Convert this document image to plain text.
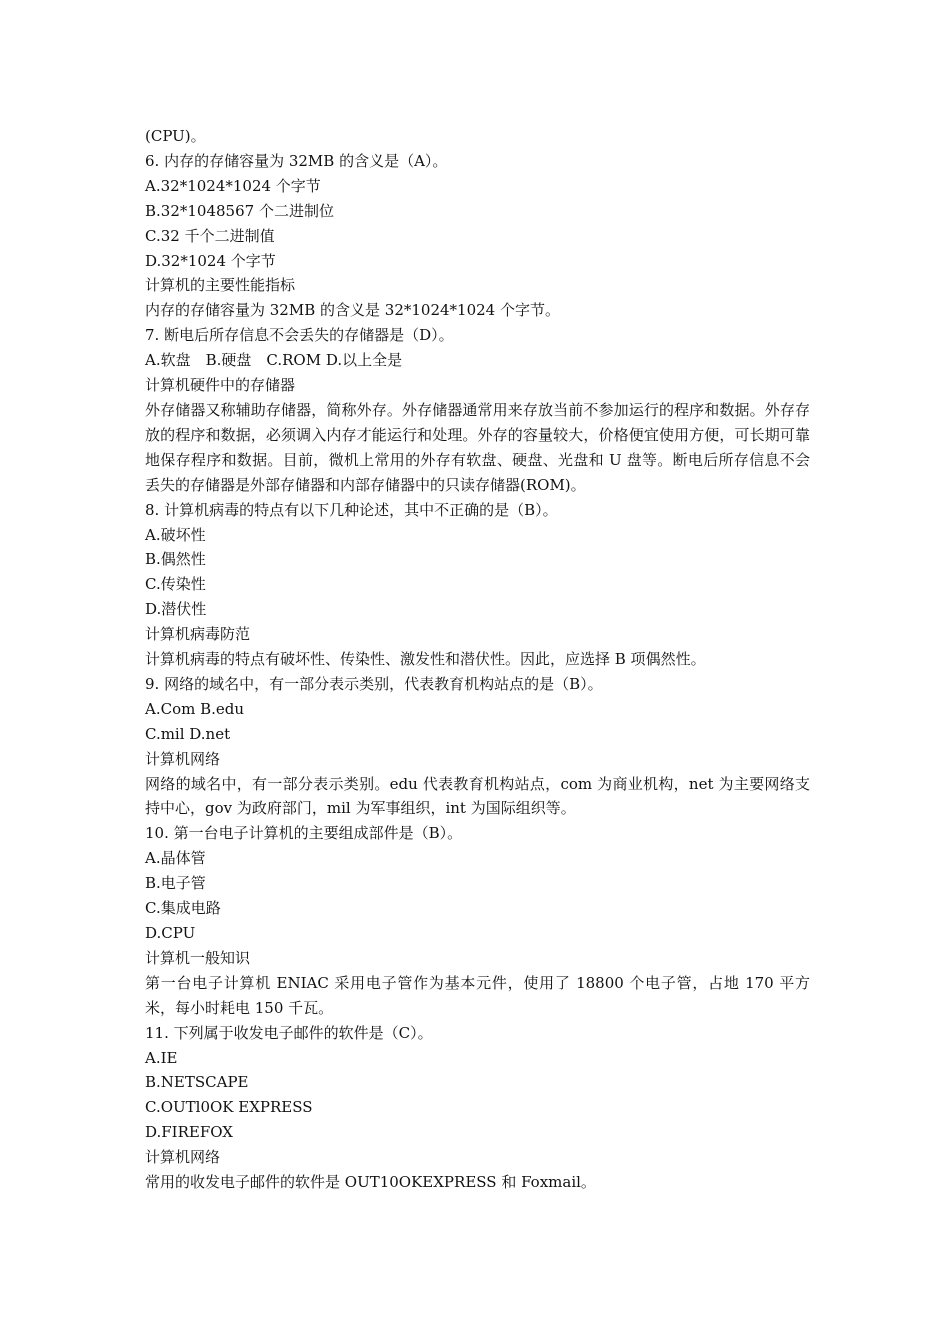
(CPU)。
6. 内存的存储容量为 32MB 的含义是（A）。
A.32*1024*1024 个字节
B.32*1048567 个二进制位
C.32 千个二进制值
D.32*1024 个字节
计算机的主要性能指标
内存的存储容量为 32MB 的含义是 32*1024*1024 个字节。
7. 断电后所存信息不会丢失的存储器是（D）。
A.软盘　B.硬盘　C.ROM D.以上全是
计算机硬件中的存储器
外存储器又称辅助存储器，简称外存。外存储器通常用来存放当前不参加运行的程序和数据。外存存放的程序和数据，必须调入内存才能运行和处理。外存的容量较大，价格便宜使用方便，可长期可靠地保存程序和数据。目前，微机上常用的外存有软盘、硬盘、光盘和 U 盘等。断电后所存信息不会丢失的存储器是外部存储器和内部存储器中的只读存储器(ROM)。
8. 计算机病毒的特点有以下几种论述，其中不正确的是（B）。
A.破坏性
B.偶然性
C.传染性
D.潜伏性
计算机病毒防范
计算机病毒的特点有破坏性、传染性、激发性和潜伏性。因此，应选择 B 项偶然性。
9. 网络的域名中，有一部分表示类别，代表教育机构站点的是（B）。
A.Com B.edu
C.mil D.net
计算机网络
网络的域名中，有一部分表示类别。edu 代表教育机构站点，com 为商业机构，net 为主要网络支持中心，gov 为政府部门，mil 为军事组织，int 为国际组织等。
10. 第一台电子计算机的主要组成部件是（B）。
A.晶体管
B.电子管
C.集成电路
D.CPU
计算机一般知识
第一台电子计算机 ENIAC 采用电子管作为基本元件，使用了 18800 个电子管，占地 170 平方米，每小时耗电 150 千瓦。
11. 下列属于收发电子邮件的软件是（C）。
A.IE
B.NETSCAPE
C.OUTl0OK EXPRESS
D.FIREFOX
计算机网络
常用的收发电子邮件的软件是 OUT10OKEXPRESS 和 Foxmail。
